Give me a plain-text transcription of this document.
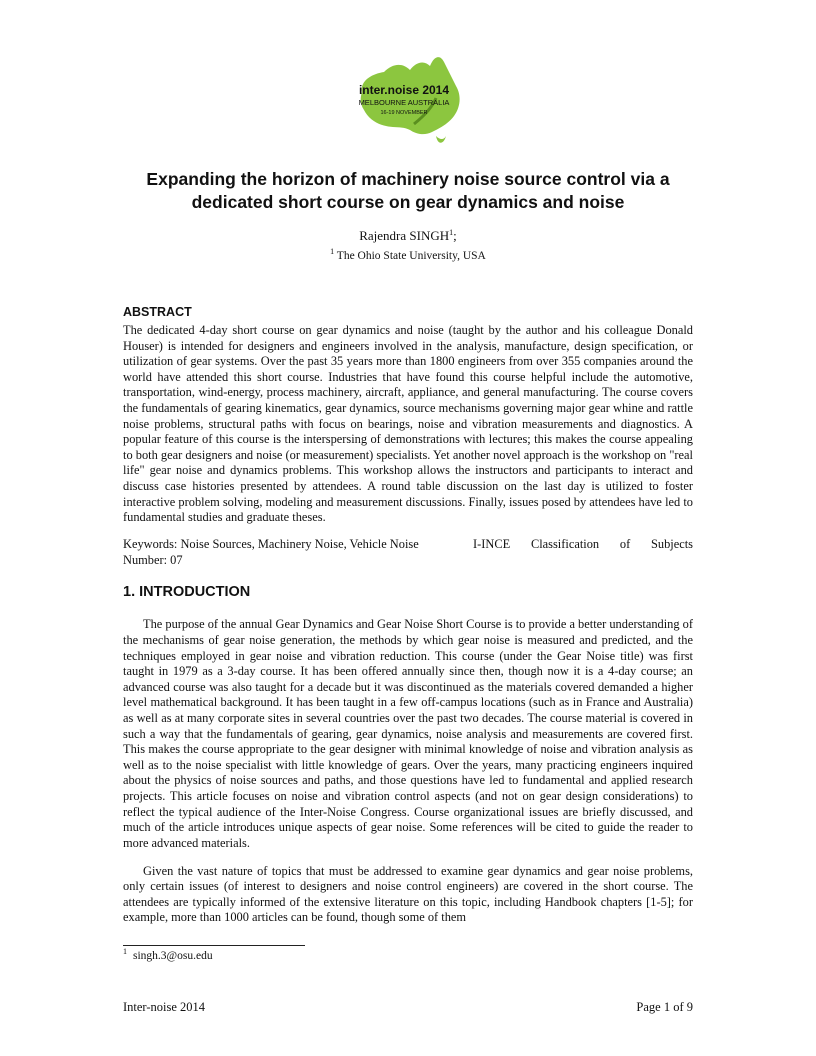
inter.noise 2014
MELBOURNE AUSTRALIA
16-19 NOVEMBER
Expanding the horizon of machinery noise source control via a dedicated short course on gear dynamics and noise
Rajendra SINGH$^1$;
$^1$ The Ohio State University, USA
ABSTRACT

The dedicated 4-day short course on gear dynamics and noise (taught by the author and his colleague Donald Houser) is intended for designers and engineers involved in the analysis, manufacture, design specification, or utilization of gear systems. Over the past 35 years more than 1800 engineers from over 355 companies around the world have attended this short course. Industries that have found this course helpful include the automotive, transportation, wind-energy, process machinery, aircraft, appliance, and general manufacturing. The course covers the fundamentals of gearing kinematics, gear dynamics, source mechanisms governing major gear whine and rattle noise problems, structural paths with focus on bearings, noise and vibration measurements and diagnostics. A popular feature of this course is the interspersing of demonstrations with lectures; this makes the course appealing to both gear designers and noise (or measurement) specialists. Yet another novel approach is the workshop on "real life" gear noise and dynamics problems. This workshop allows the instructors and participants to interact and discuss case histories presented by attendees. A round table discussion on the last day is utilized to foster interactive problem solving, modeling and measurement discussions. Finally, issues posed by attendees have led to fundamental studies and graduate theses.

Keywords: Noise Sources, Machinery Noise, Vehicle Noise	I-INCE Classification of Subjects
Number: 07
1. INTRODUCTION

The purpose of the annual Gear Dynamics and Gear Noise Short Course is to provide a better understanding of the mechanisms of gear noise generation, the methods by which gear noise is measured and predicted, and the techniques employed in gear noise and vibration reduction. This course (under the Gear Noise title) was first taught in 1979 as a 3-day course. It has been offered annually since then, though now it is a 4-day course; an advanced course was also taught for a decade but it was discontinued as the materials covered demanded a higher level mathematical background. It has been taught in a few off-campus locations (such as in France and Australia) as well as at many corporate sites in several countries over the past two decades. The course material is covered in such a way that the fundamentals of gearing, gear dynamics, noise analysis and measurements are covered first. This makes the course appropriate to the gear designer with minimal knowledge of noise and vibration analysis as well as to the noise specialist with little knowledge of gears. Over the years, many practicing engineers inquired about the physics of noise sources and paths, and those questions have led to fundamental and applied research projects. This article focuses on noise and vibration control aspects (and not on gear design considerations) to reflect the typical audience of the Inter-Noise Congress. Course organizational issues are briefly discussed, and much of the article introduces unique aspects of gear noise. Some references will be cited to guide the reader to more advanced materials.

Given the vast nature of topics that must be addressed to examine gear dynamics and gear noise problems, only certain issues (of interest to designers and noise control engineers) are covered in the short course. The attendees are typically informed of the extensive literature on this topic, including Handbook chapters [1-5]; for example, more than 1000 articles can be found, though some of them

$^1$ singh.3@osu.edu
Inter-noise 2014	Page 1 of 9
